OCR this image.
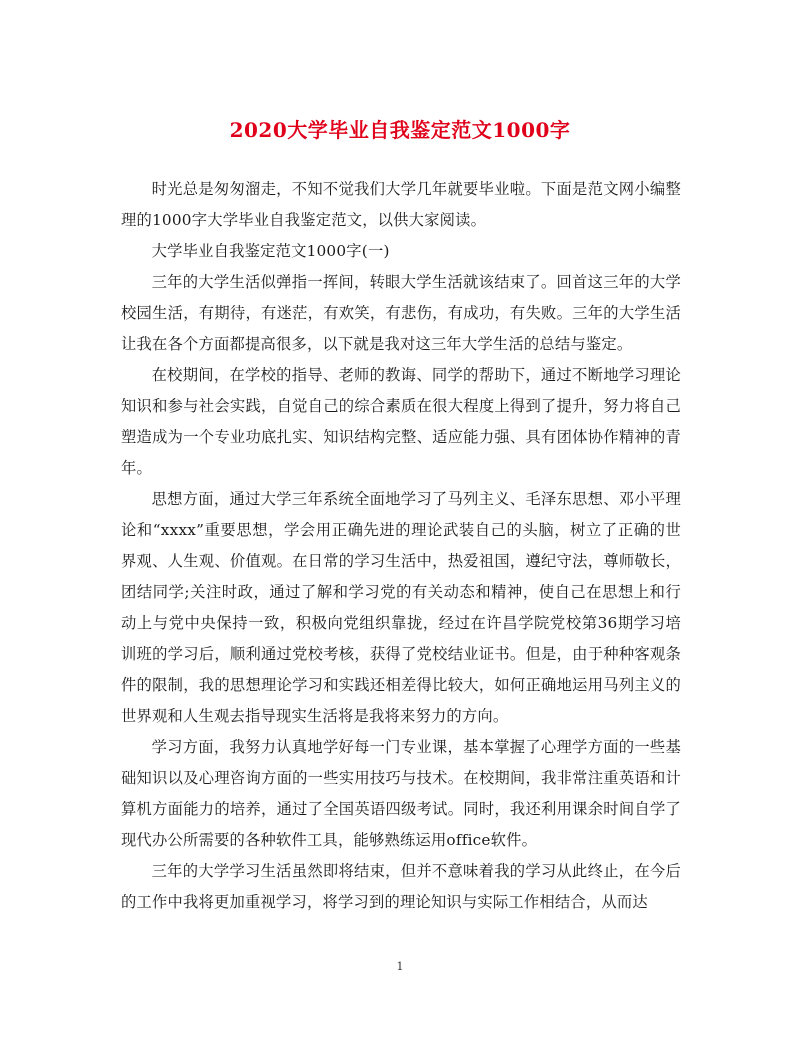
2020大学毕业自我鉴定范文1000字

时光总是匆匆溜走，不知不觉我们大学几年就要毕业啦。下面是范文网小编整理的1000字大学毕业自我鉴定范文，以供大家阅读。

大学毕业自我鉴定范文1000字(一)

三年的大学生活似弹指一挥间，转眼大学生活就该结束了。回首这三年的大学校园生活，有期待，有迷茫，有欢笑，有悲伤，有成功，有失败。三年的大学生活让我在各个方面都提高很多，以下就是我对这三年大学生活的总结与鉴定。

在校期间，在学校的指导、老师的教诲、同学的帮助下，通过不断地学习理论知识和参与社会实践，自觉自己的综合素质在很大程度上得到了提升，努力将自己塑造成为一个专业功底扎实、知识结构完整、适应能力强、具有团体协作精神的青年。

思想方面，通过大学三年系统全面地学习了马列主义、毛泽东思想、邓小平理论和“xxxx”重要思想，学会用正确先进的理论武装自己的头脑，树立了正确的世界观、人生观、价值观。在日常的学习生活中，热爱祖国，遵纪守法，尊师敬长，团结同学;关注时政，通过了解和学习党的有关动态和精神，使自己在思想上和行动上与党中央保持一致，积极向党组织靠拢，经过在许昌学院党校第36期学习培训班的学习后，顺利通过党校考核，获得了党校结业证书。但是，由于种种客观条件的限制，我的思想理论学习和实践还相差得比较大，如何正确地运用马列主义的世界观和人生观去指导现实生活将是我将来努力的方向。

学习方面，我努力认真地学好每一门专业课，基本掌握了心理学方面的一些基础知识以及心理咨询方面的一些实用技巧与技术。在校期间，我非常注重英语和计算机方面能力的培养，通过了全国英语四级考试。同时，我还利用课余时间自学了现代办公所需要的各种软件工具，能够熟练运用office软件。

三年的大学学习生活虽然即将结束，但并不意味着我的学习从此终止，在今后的工作中我将更加重视学习，将学习到的理论知识与实际工作相结合，从而达

1
